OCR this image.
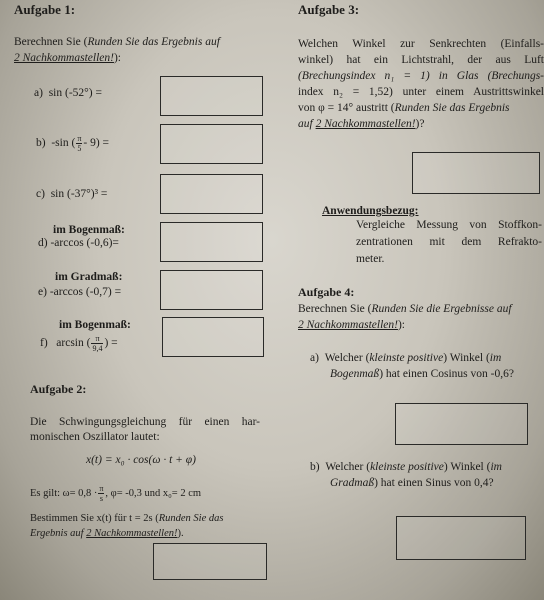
Aufgabe 1:
Berechnen Sie (Runden Sie das Ergebnis auf
2 Nachkommastellen!):
a) sin (-52°) =
b) -sin ( $\frac{\pi}{5} - 9$) =
c) sin (-37°)³ =
im Bogenmaß:
d) -arccos (-0,6)=
im Gradmaß:
e) -arccos (-0,7) =
im Bogenmaß:
f) arcsin ( $\frac{\pi}{9,4}$ ) =
Aufgabe 2:
Die Schwingungsgleichung für einen har-
monischen Oszillator lautet:
x(t) = x₀ · cos(ω · t + φ)
Es gilt: $\omega= 0,8 \cdot \frac{\pi}{s}$ , φ= -0,3 und x₀= 2 cm
Bestimmen Sie x(t) für t = 2s (Runden Sie das
Ergebnis auf 2 Nachkommastellen!).
Aufgabe 3:
Welchen Winkel zur Senkrechten (Einfalls-
winkel) hat ein Lichtstrahl, der aus Luft
(Brechungsindex n₁ = 1) in Glas (Brechungs-
index n₂ = 1,52) unter einem Austrittswinkel
von φ = 14° austritt (Runden Sie das Ergebnis
auf 2 Nachkommastellen!)?
Anwendungsbezug:
Vergleiche Messung von Stoffkon-
zentrationen mit dem Refrakto-
meter.
Aufgabe 4:
Berechnen Sie (Runden Sie die Ergebnisse auf
2 Nachkommastellen!):
a) Welcher (kleinste positive) Winkel (im
Bogenmaß) hat einen Cosinus von -0,6?
b) Welcher (kleinste positive) Winkel (im
Gradmaß) hat einen Sinus von 0,4?
